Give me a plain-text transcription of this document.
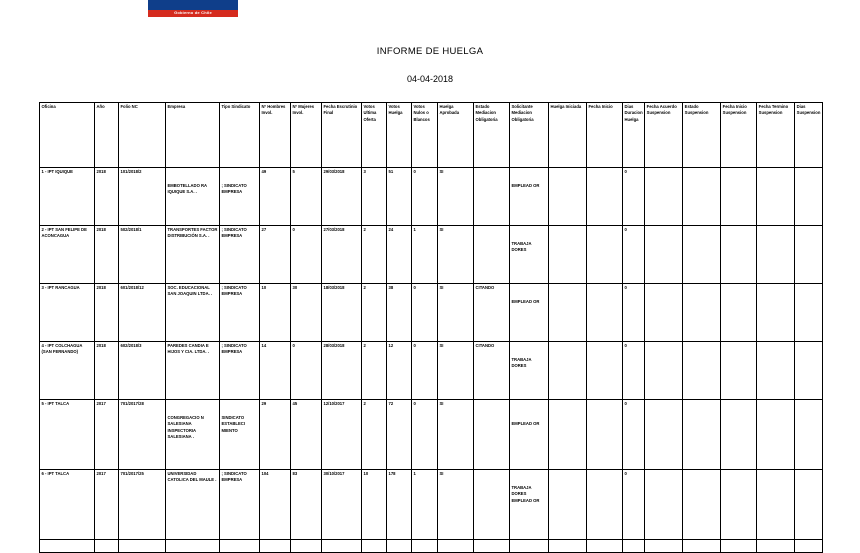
Gobierno de Chile
INFORME DE HUELGA
04-04-2018
Oficina	Año	Folio NC	Empresa	Tipo Sindicato	Nº Hombres Invol.	Nº Mujeres Invol.	Fecha Escrutinio Final	Votos Ultima Oferta	Votos Huelga	Votos Nulos o Blancos	Huelga Aprobada	Estado Mediacion Obligatoria	Solicitante Mediacion Obligatoria	Huelga Iniciada	Fecha Inicio	Dias Duracion Huelga	Fecha Acuerdo Suspension	Estado Suspension	Fecha Inicio Suspension	Fecha Termino Suspension	Dias Suspension
1 - IPT IQUIQUE	2018	101/2018/2	EMBOTELLADO RA IQUIQUE S.A. .	; SINDICATO EMPRESA	49	5	29/03/2018	3	51	0	SI		EMPLEAD OR			0					
2 - IPT SAN FELIPE DE ACONCAGUA	2018	502/2018/1	TRANSPORTES FACTOR DISTRIBUCIÓN S.A. .	; SINDICATO EMPRESA	27	0	27/03/2018	2	24	1	SI		TRABAJA DORES			0					
3 - IPT RANCAGUA	2018	601/2018/12	SOC. EDUCACIONAL SAN JOAQUIN LTDA. .	; SINDICATO EMPRESA	10	30	18/03/2018	2	38	0	SI	CITANDO	EMPLEAD OR			0					
4 - IPT COLCHAGUA (SAN FERNANDO)	2018	602/2018/3	PAREDES CANDIA E HIJOS Y CIA. LTDA. .	; SINDICATO EMPRESA	14	0	28/03/2018	2	12	0	SI	CITANDO	TRABAJA DORES			0					
5 - IPT TALCA	2017	701/2017/28	CONGREGACIO N SALESIANA INSPECTORIA SALESIANA .	SINDICATO ESTABLECI MIENTO	29	45	12/10/2017	2	72	0	SI		EMPLEAD OR			0					
6 - IPT TALCA	2017	701/2017/25	UNIVERSIDAD CATOLICA DEL MAULE .	; SINDICATO EMPRESA	104	83	30/10/2017	10	178	1	SI		TRABAJA DORES EMPLEAD OR			0					
